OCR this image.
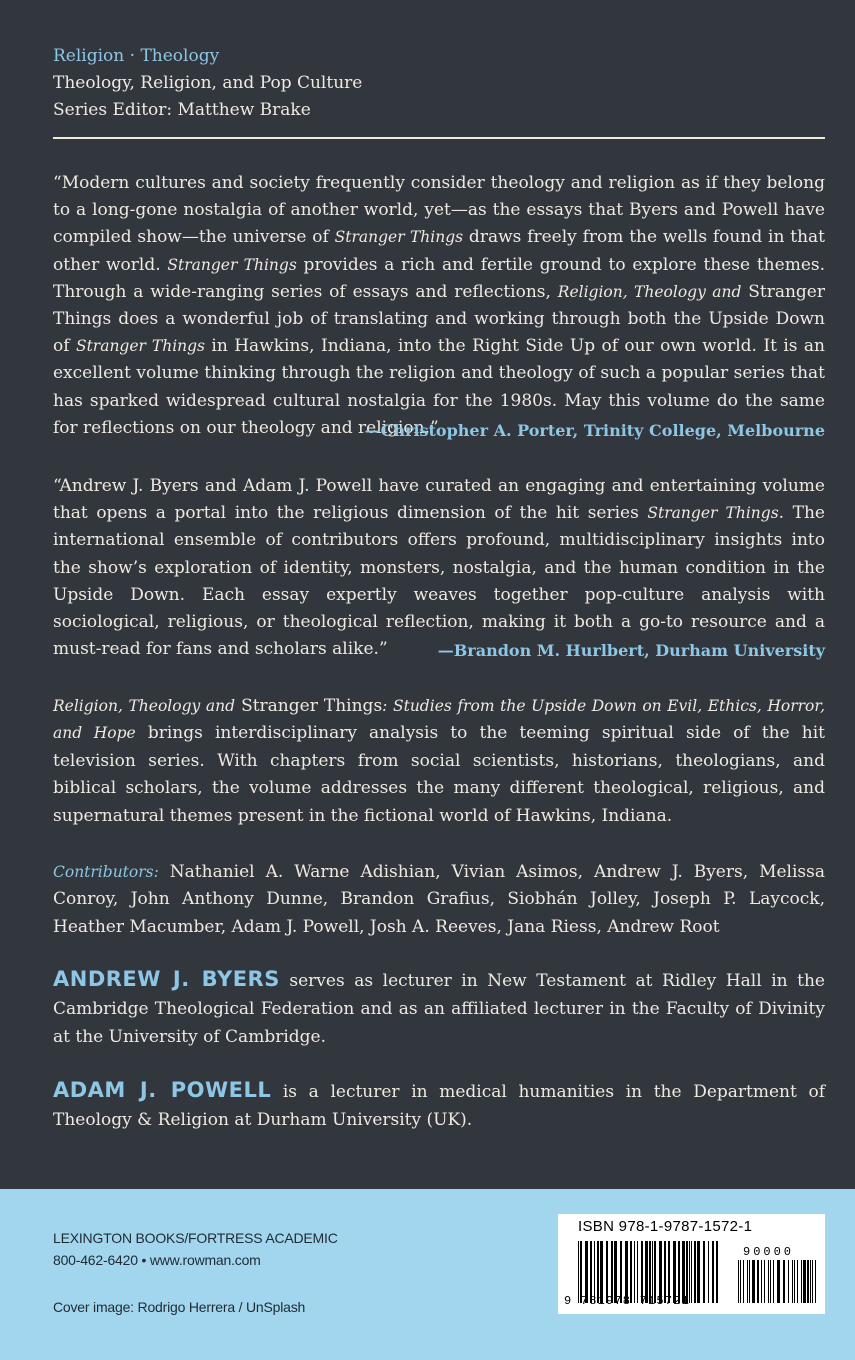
Religion · Theology
Theology, Religion, and Pop Culture
Series Editor: Matthew Brake
“Modern cultures and society frequently consider theology and religion as if they belong to a long-gone nostalgia of another world, yet—as the essays that Byers and Powell have compiled show—the universe of Stranger Things draws freely from the wells found in that other world. Stranger Things provides a rich and fertile ground to explore these themes. Through a wide-ranging series of essays and reflections, Religion, Theology and Stranger Things does a wonderful job of translating and working through both the Upside Down of Stranger Things in Hawkins, Indiana, into the Right Side Up of our own world. It is an excellent volume thinking through the religion and theology of such a popular series that has sparked widespread cultural nostalgia for the 1980s. May this volume do the same for reflections on our theology and religion.”
—Christopher A. Porter, Trinity College, Melbourne
“Andrew J. Byers and Adam J. Powell have curated an engaging and entertaining volume that opens a portal into the religious dimension of the hit series Stranger Things. The international ensemble of contributors offers profound, multidisciplinary insights into the show’s exploration of identity, monsters, nostalgia, and the human condition in the Upside Down. Each essay expertly weaves together pop-culture analysis with sociological, religious, or theological reflection, making it both a go-to resource and a must-read for fans and scholars alike.”	—Brandon M. Hurlbert, Durham University
Religion, Theology and Stranger Things: Studies from the Upside Down on Evil, Ethics, Horror, and Hope brings interdisciplinary analysis to the teeming spiritual side of the hit television series. With chapters from social scientists, historians, theologians, and biblical scholars, the volume addresses the many different theological, religious, and supernatural themes present in the fictional world of Hawkins, Indiana.
Contributors: Nathaniel A. Warne Adishian, Vivian Asimos, Andrew J. Byers, Melissa Conroy, John Anthony Dunne, Brandon Grafius, Siobhán Jolley, Joseph P. Laycock, Heather Macumber, Adam J. Powell, Josh A. Reeves, Jana Riess, Andrew Root
ANDREW J. BYERS serves as lecturer in New Testament at Ridley Hall in the Cambridge Theological Federation and as an affiliated lecturer in the Faculty of Divinity at the University of Cambridge.
ADAM J. POWELL is a lecturer in medical humanities in the Department of Theology & Religion at Durham University (UK).
LEXINGTON BOOKS/FORTRESS ACADEMIC
800-462-6420 • www.rowman.com
Cover image: Rodrigo Herrera / UnSplash
ISBN 978-1-9787-1572-1
90000
9 781978 715721
